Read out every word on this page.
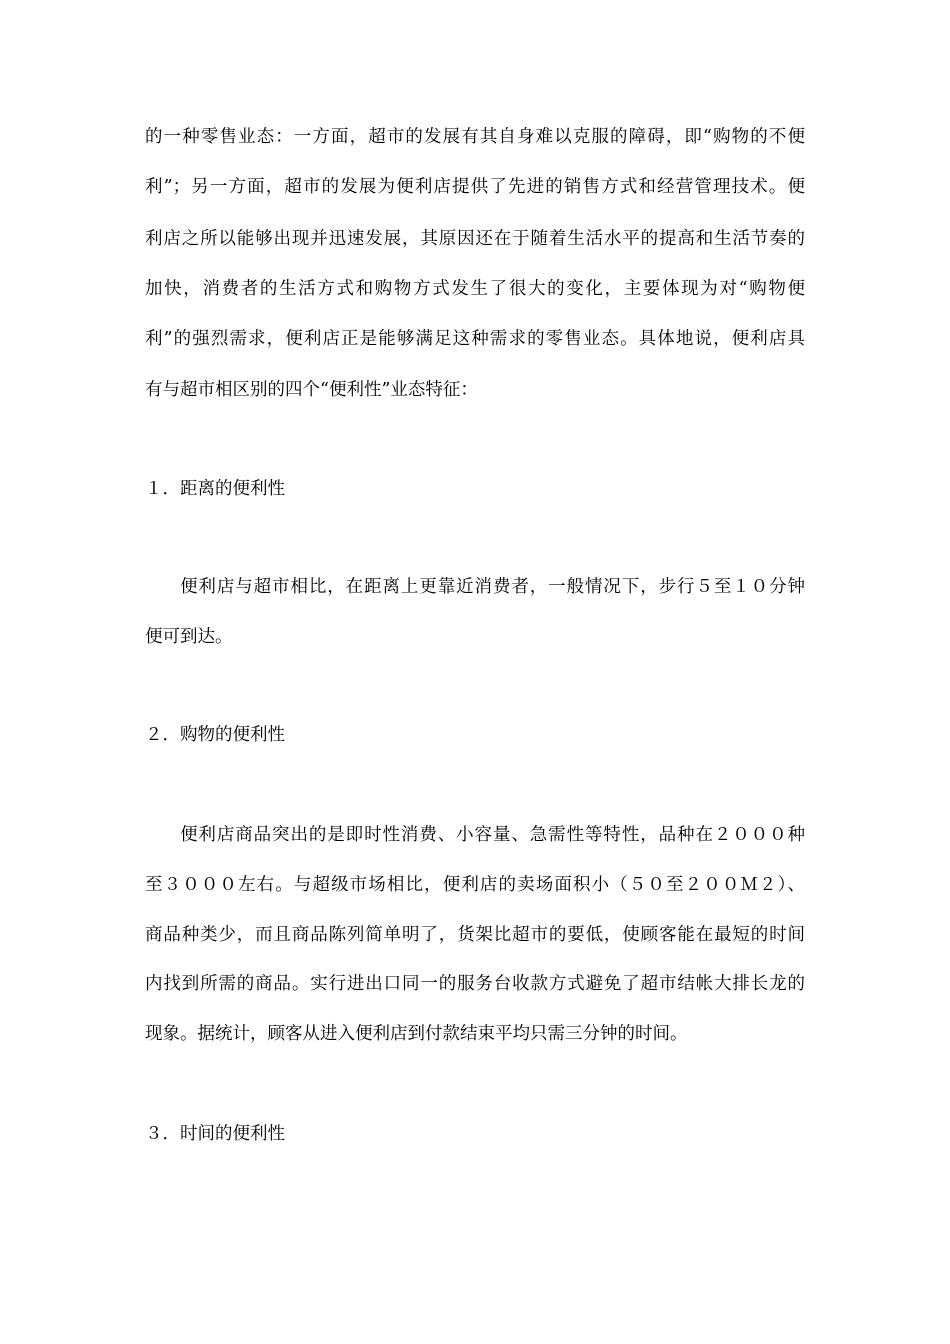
的一种零售业态：一方面，超市的发展有其自身难以克服的障碍，即“购物的不便
利”；另一方面，超市的发展为便利店提供了先进的销售方式和经营管理技术。便
利店之所以能够出现并迅速发展，其原因还在于随着生活水平的提高和生活节奏的
加快，消费者的生活方式和购物方式发生了很大的变化，主要体现为对“购物便
利”的强烈需求，便利店正是能够满足这种需求的零售业态。具体地说，便利店具
有与超市相区别的四个“便利性”业态特征：
１．距离的便利性
便利店与超市相比，在距离上更靠近消费者，一般情况下，步行５至１０分钟
便可到达。
２．购物的便利性
便利店商品突出的是即时性消费、小容量、急需性等特性，品种在２０００种
至３０００左右。与超级市场相比，便利店的卖场面积小（５０至２００Ｍ２）、
商品种类少，而且商品陈列简单明了，货架比超市的要低，使顾客能在最短的时间
内找到所需的商品。实行进出口同一的服务台收款方式避免了超市结帐大排长龙的
现象。据统计，顾客从进入便利店到付款结束平均只需三分钟的时间。
３．时间的便利性
